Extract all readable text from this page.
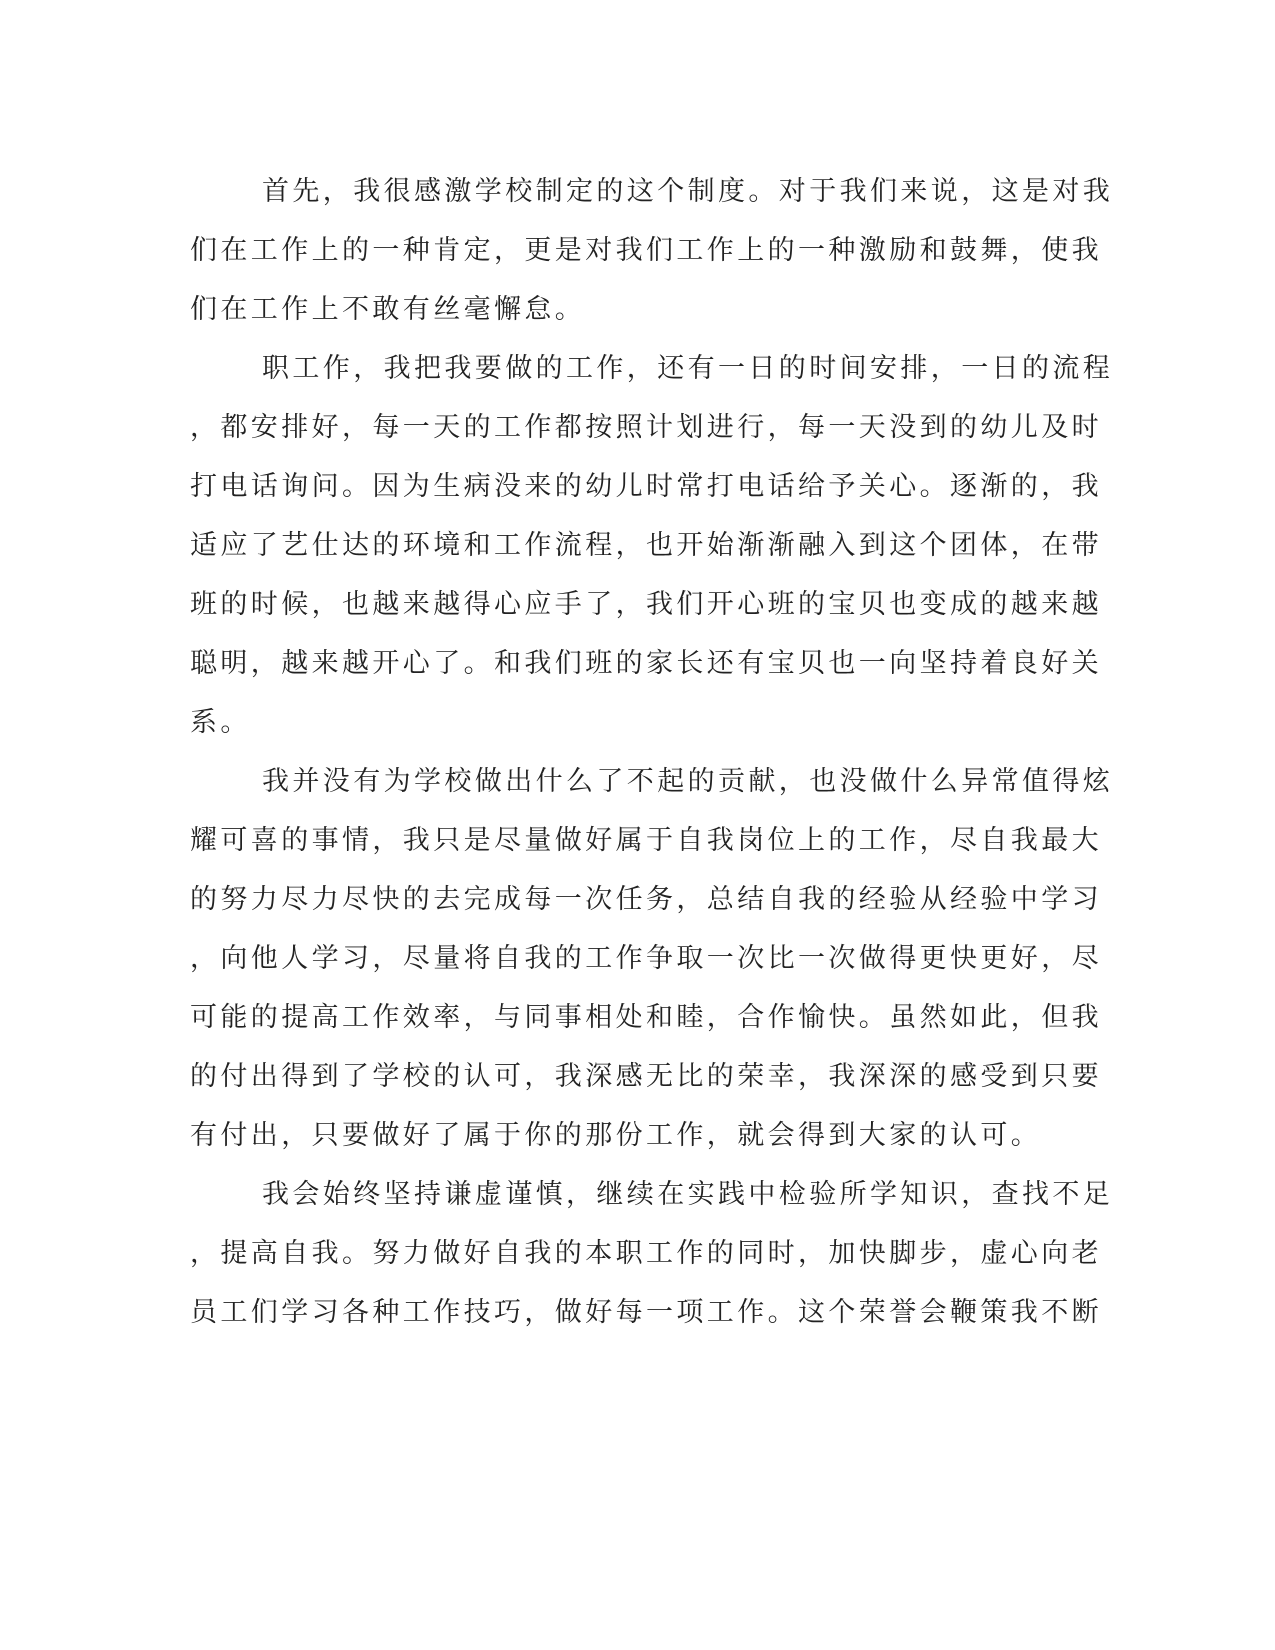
首先，我很感激学校制定的这个制度。对于我们来说，这是对我
们在工作上的一种肯定，更是对我们工作上的一种激励和鼓舞，使我
们在工作上不敢有丝毫懈怠。
职工作，我把我要做的工作，还有一日的时间安排，一日的流程
，都安排好，每一天的工作都按照计划进行，每一天没到的幼儿及时
打电话询问。因为生病没来的幼儿时常打电话给予关心。逐渐的，我
适应了艺仕达的环境和工作流程，也开始渐渐融入到这个团体，在带
班的时候，也越来越得心应手了，我们开心班的宝贝也变成的越来越
聪明，越来越开心了。和我们班的家长还有宝贝也一向坚持着良好关
系。
我并没有为学校做出什么了不起的贡献，也没做什么异常值得炫
耀可喜的事情，我只是尽量做好属于自我岗位上的工作，尽自我最大
的努力尽力尽快的去完成每一次任务，总结自我的经验从经验中学习
，向他人学习，尽量将自我的工作争取一次比一次做得更快更好，尽
可能的提高工作效率，与同事相处和睦，合作愉快。虽然如此，但我
的付出得到了学校的认可，我深感无比的荣幸，我深深的感受到只要
有付出，只要做好了属于你的那份工作，就会得到大家的认可。
我会始终坚持谦虚谨慎，继续在实践中检验所学知识，查找不足
，提高自我。努力做好自我的本职工作的同时，加快脚步，虚心向老
员工们学习各种工作技巧，做好每一项工作。这个荣誉会鞭策我不断
